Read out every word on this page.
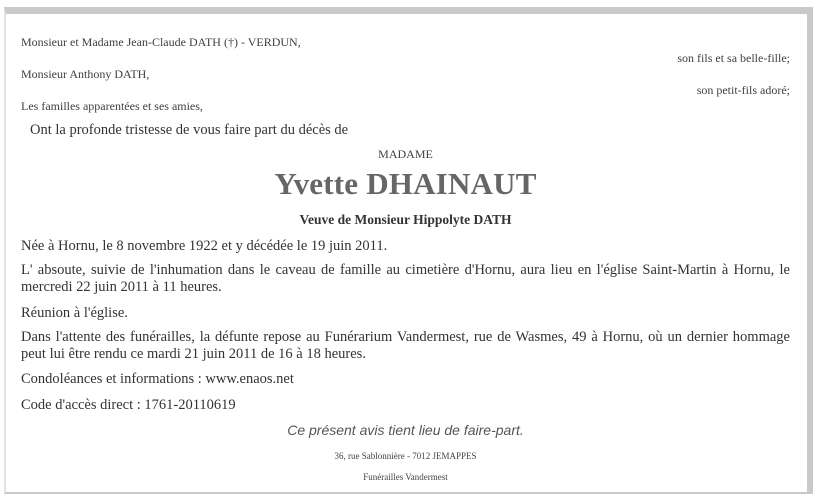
Monsieur et Madame Jean-Claude DATH (†) - VERDUN,
son fils et sa belle-fille;
Monsieur Anthony DATH,
son petit-fils adoré;
Les familles apparentées et ses amies,
Ont la profonde tristesse de vous faire part du décès de
MADAME
Yvette DHAINAUT
Veuve de Monsieur Hippolyte DATH
Née à Hornu, le 8 novembre 1922 et y décédée le 19 juin 2011.
L' absoute, suivie de l'inhumation dans le caveau de famille au cimetière d'Hornu, aura lieu en l'église Saint-Martin à Hornu, le mercredi 22 juin 2011 à 11 heures.
Réunion à l'église.
Dans l'attente des funérailles, la défunte repose au Funérarium Vandermest, rue de Wasmes, 49 à Hornu, où un dernier hommage peut lui être rendu ce mardi 21 juin 2011 de 16 à 18 heures.
Condoléances et informations : www.enaos.net
Code d'accès direct : 1761-20110619
Ce présent avis tient lieu de faire-part.
36, rue Sablonnière - 7012 JEMAPPES
Funérailles Vandermest
